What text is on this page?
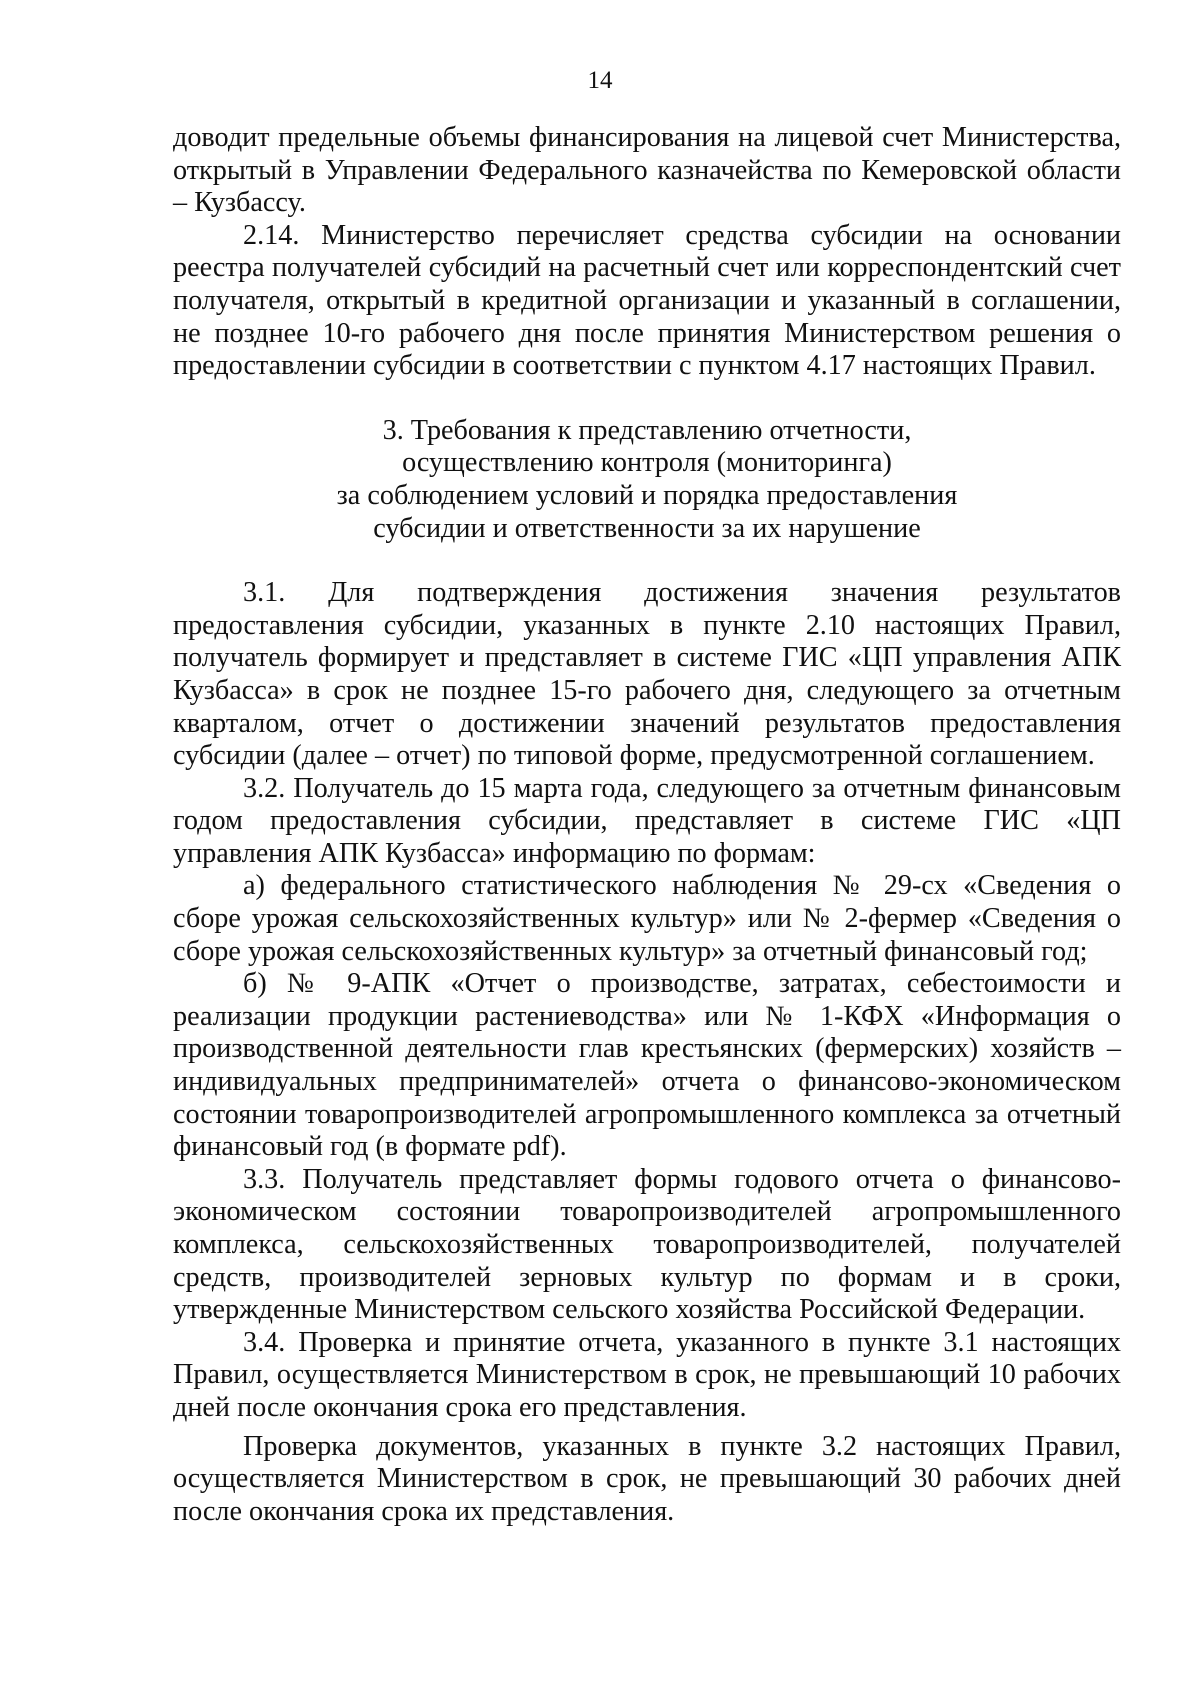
14

доводит предельные объемы финансирования на лицевой счет Министерства, открытый в Управлении Федерального казначейства по Кемеровской области – Кузбассу.

2.14. Министерство перечисляет средства субсидии на основании реестра получателей субсидий на расчетный счет или корреспондентский счет получателя, открытый в кредитной организации и указанный в соглашении, не позднее 10-го рабочего дня после принятия Министерством решения о предоставлении субсидии в соответствии с пунктом 4.17 настоящих Правил.

3. Требования к представлению отчетности,
осуществлению контроля (мониторинга)
за соблюдением условий и порядка предоставления
субсидии и ответственности за их нарушение

3.1. Для подтверждения достижения значения результатов предоставления субсидии, указанных в пункте 2.10 настоящих Правил, получатель формирует и представляет в системе ГИС «ЦП управления АПК Кузбасса» в срок не позднее 15-го рабочего дня, следующего за отчетным кварталом, отчет о достижении значений результатов предоставления субсидии (далее – отчет) по типовой форме, предусмотренной соглашением.

3.2. Получатель до 15 марта года, следующего за отчетным финансовым годом предоставления субсидии, представляет в системе ГИС «ЦП управления АПК Кузбасса» информацию по формам:

а) федерального статистического наблюдения № 29-сх «Сведения о сборе урожая сельскохозяйственных культур» или № 2-фермер «Сведения о сборе урожая сельскохозяйственных культур» за отчетный финансовый год;

б) № 9-АПК «Отчет о производстве, затратах, себестоимости и реализации продукции растениеводства» или № 1-КФХ «Информация о производственной деятельности глав крестьянских (фермерских) хозяйств – индивидуальных предпринимателей» отчета о финансово-экономическом состоянии товаропроизводителей агропромышленного комплекса за отчетный финансовый год (в формате pdf).

3.3. Получатель представляет формы годового отчета о финансово-экономическом состоянии товаропроизводителей агропромышленного комплекса, сельскохозяйственных товаропроизводителей, получателей средств, производителей зерновых культур по формам и в сроки, утвержденные Министерством сельского хозяйства Российской Федерации.

3.4. Проверка и принятие отчета, указанного в пункте 3.1 настоящих Правил, осуществляется Министерством в срок, не превышающий 10 рабочих дней после окончания срока его представления.

Проверка документов, указанных в пункте 3.2 настоящих Правил, осуществляется Министерством в срок, не превышающий 30 рабочих дней после окончания срока их представления.
